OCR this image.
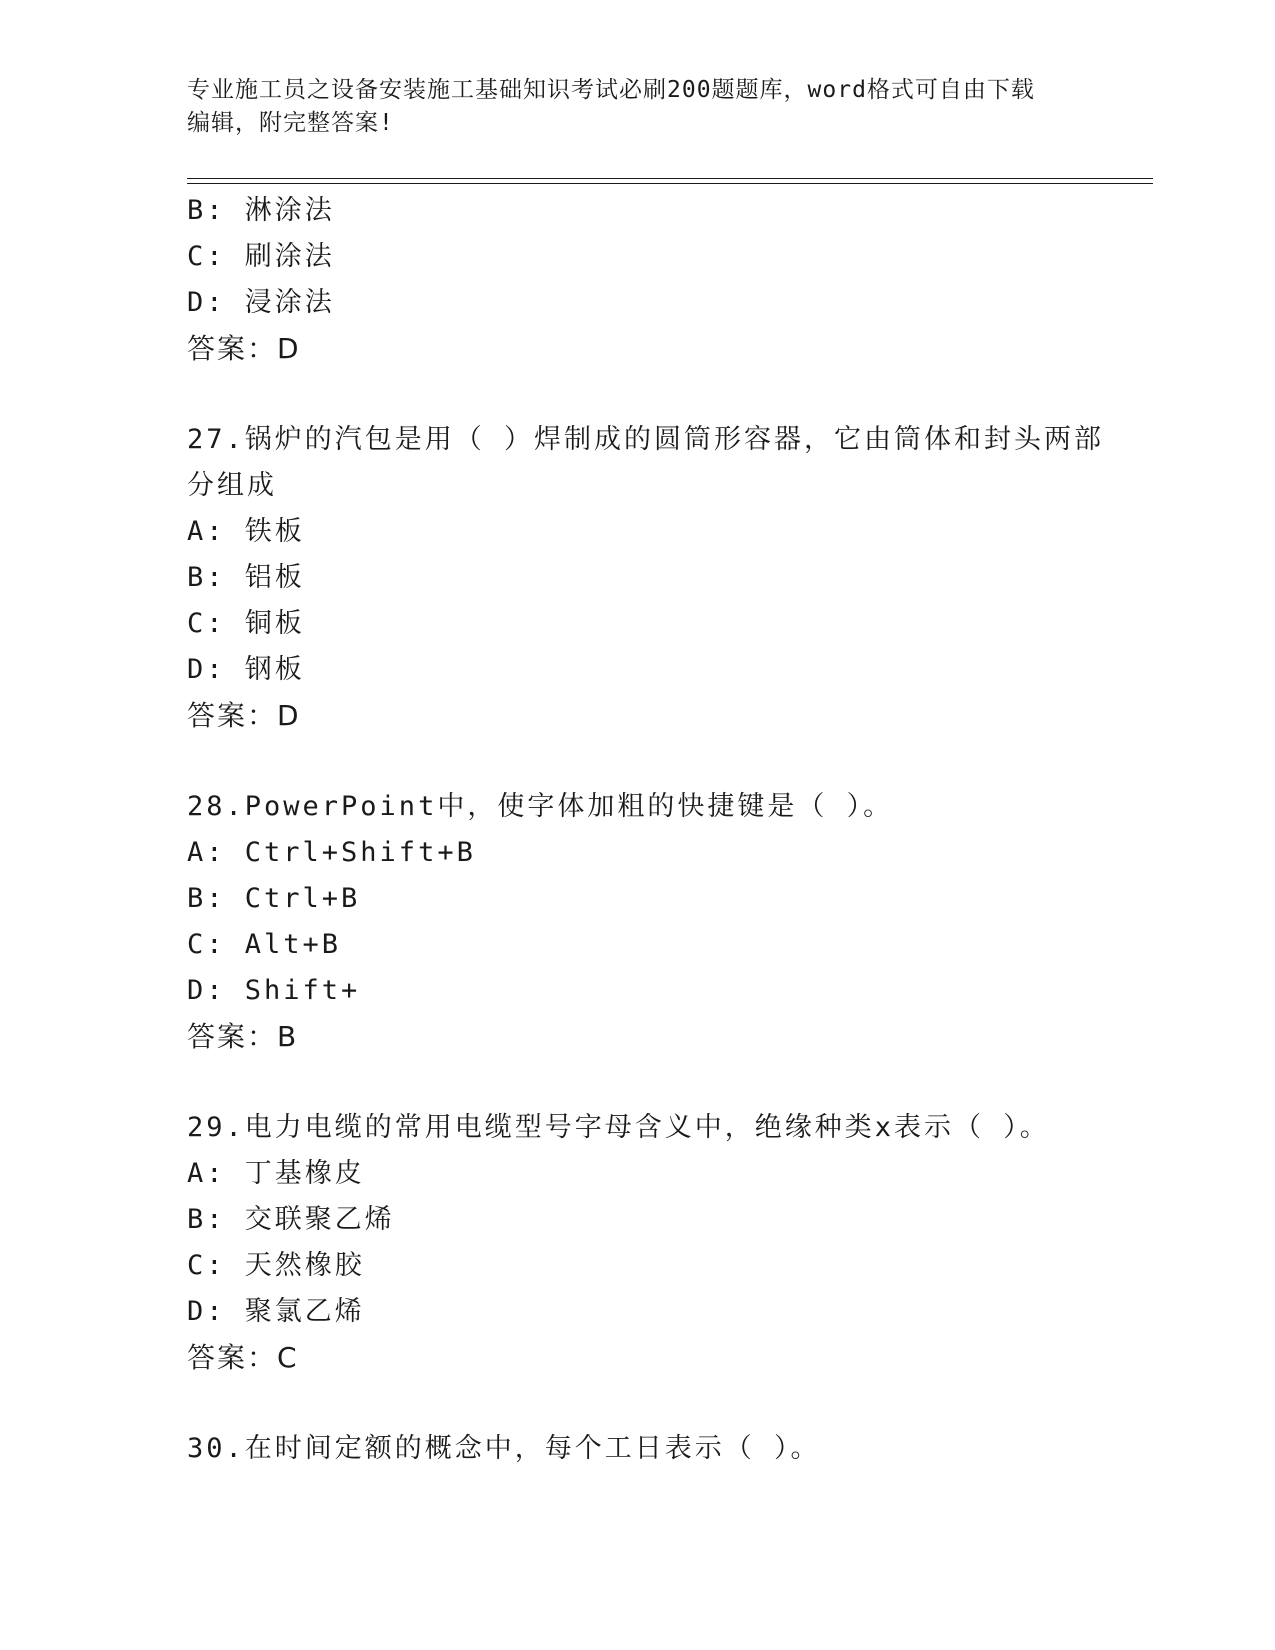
专业施工员之设备安装施工基础知识考试必刷200题题库，word格式可自由下载
编辑，附完整答案!
B: 淋涂法
C: 刷涂法
D: 浸涂法
答案：D
27.锅炉的汽包是用（ ）焊制成的圆筒形容器，它由筒体和封头两部
分组成
A: 铁板
B: 铝板
C: 铜板
D: 钢板
答案：D
28.PowerPoint中，使字体加粗的快捷键是（ ）。
A: Ctrl+Shift+B
B: Ctrl+B
C: Alt+B
D: Shift+
答案：B
29.电力电缆的常用电缆型号字母含义中，绝缘种类x表示（ ）。
A: 丁基橡皮
B: 交联聚乙烯
C: 天然橡胶
D: 聚氯乙烯
答案：C
30.在时间定额的概念中，每个工日表示（ ）。
